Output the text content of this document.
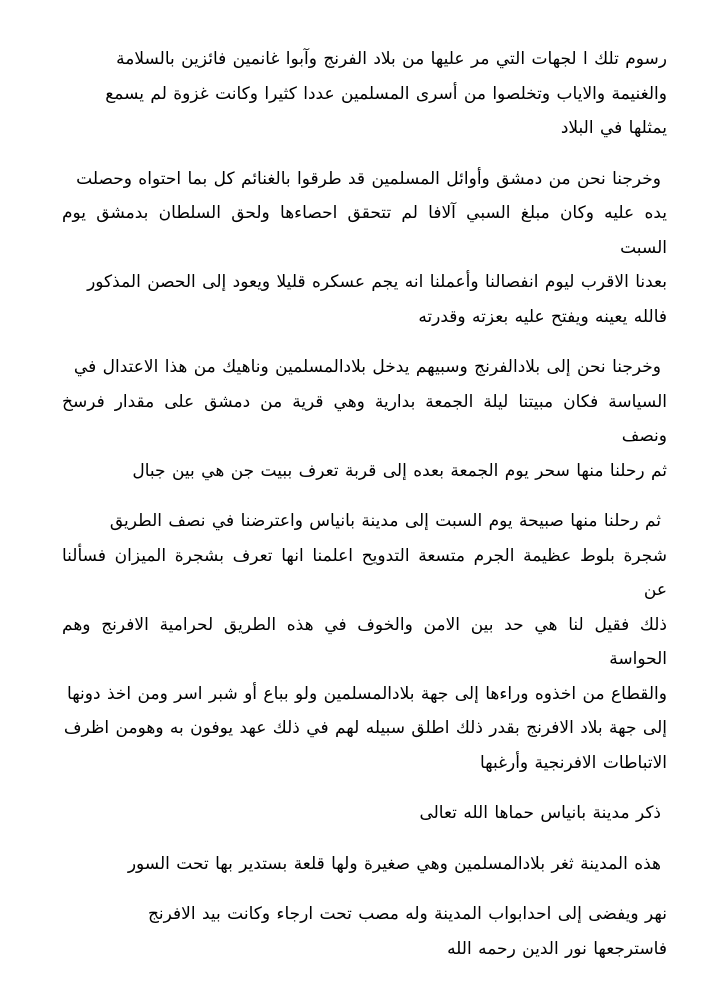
رسوم تلك ا لجهات التي مر عليها من بلاد الفرنج وآبوا غانمين فائزين بالسلامة
والغنيمة والاياب وتخلصوا من أسرى المسلمين عددا كثيرا وكانت غزوة لم يسمع
يمثلها في البلاد

وخرجنا نحن من دمشق وأوائل المسلمين قد طرقوا بالغنائم كل بما احتواه وحصلت
يده عليه وكان مبلغ السبي آلافا لم تتحقق احصاءها ولحق السلطان بدمشق يوم السبت
بعدنا الاقرب ليوم انفصالنا وأعملنا انه يجم عسكره قليلا ويعود إلى الحصن المذكور
فالله يعينه ويفتح عليه بعزته وقدرته

وخرجنا نحن إلى بلادالفرنج وسبيهم يدخل بلادالمسلمين وناهيك من هذا الاعتدال في
السياسة فكان مبيتنا ليلة الجمعة بدارية وهي قرية من دمشق على مقدار فرسخ ونصف
ثم رحلنا منها سحر يوم الجمعة بعده إلى قربة تعرف ببيت جن هي بين جبال

ثم رحلنا منها صبيحة يوم السبت إلى مدينة بانياس واعترضنا في نصف الطريق
شجرة بلوط عظيمة الجرم متسعة التدويح اعلمنا انها تعرف بشجرة الميزان فسألنا عن
ذلك فقيل لنا هي حد بين الامن والخوف في هذه الطريق لحرامية الافرنج وهم الحواسة
والقطاع من اخذوه وراءها إلى جهة بلادالمسلمين ولو بباع أو شبر اسر ومن اخذ دونها
إلى جهة بلاد الافرنج بقدر ذلك اطلق سبيله لهم في ذلك عهد يوفون به وهومن اظرف
الاتباطات الافرنجية وأرغبها

ذكر مدينة بانياس حماها الله تعالى

هذه المدينة ثغر بلادالمسلمين وهي صغيرة ولها قلعة بستدير بها تحت السور

نهر ويفضى إلى احدابواب المدينة وله مصب تحت ارجاء وكانت بيد الافرنج
فاسترجعها نور الدين رحمه الله
